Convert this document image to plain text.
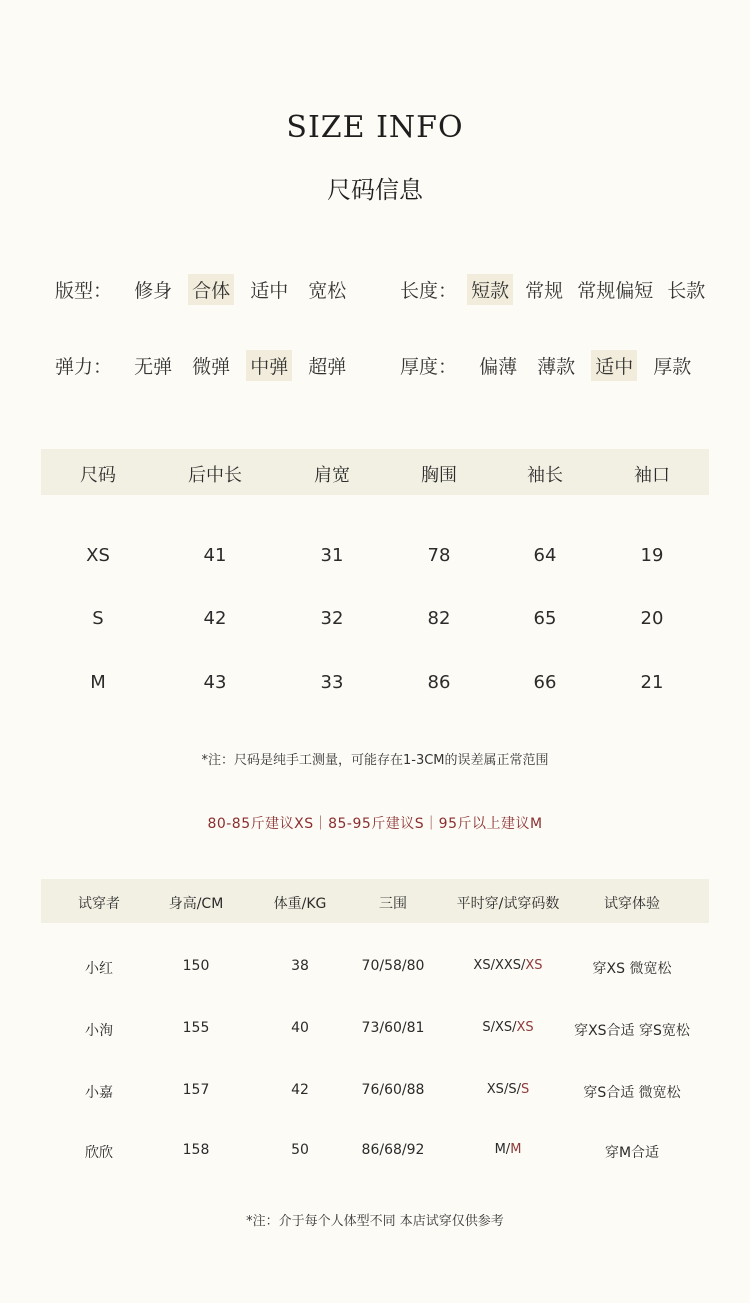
SIZE INFO
尺码信息
版型： 修身 合体 适中 宽松	长度： 短款 常规 常规偏短 长款
弹力： 无弹 微弹 中弹 超弹	厚度： 偏薄 薄款 适中 厚款
尺码	后中长	肩宽	胸围	袖长	袖口
XS	41	31	78	64	19
S	42	32	82	65	20
M	43	33	86	66	21
*注：尺码是纯手工测量，可能存在1-3CM的误差属正常范围
80-85斤建议XS｜85-95斤建议S｜95斤以上建议M
试穿者	身高/CM	体重/KG	三围	平时穿/试穿码数	试穿体验
小红	150	38	70/58/80	XS/XXS/XS	穿XS 微宽松
小洵	155	40	73/60/81	S/XS/XS	穿XS合适 穿S宽松
小嘉	157	42	76/60/88	XS/S/S	穿S合适 微宽松
欣欣	158	50	86/68/92	M/M	穿M合适
*注：介于每个人体型不同 本店试穿仅供参考
